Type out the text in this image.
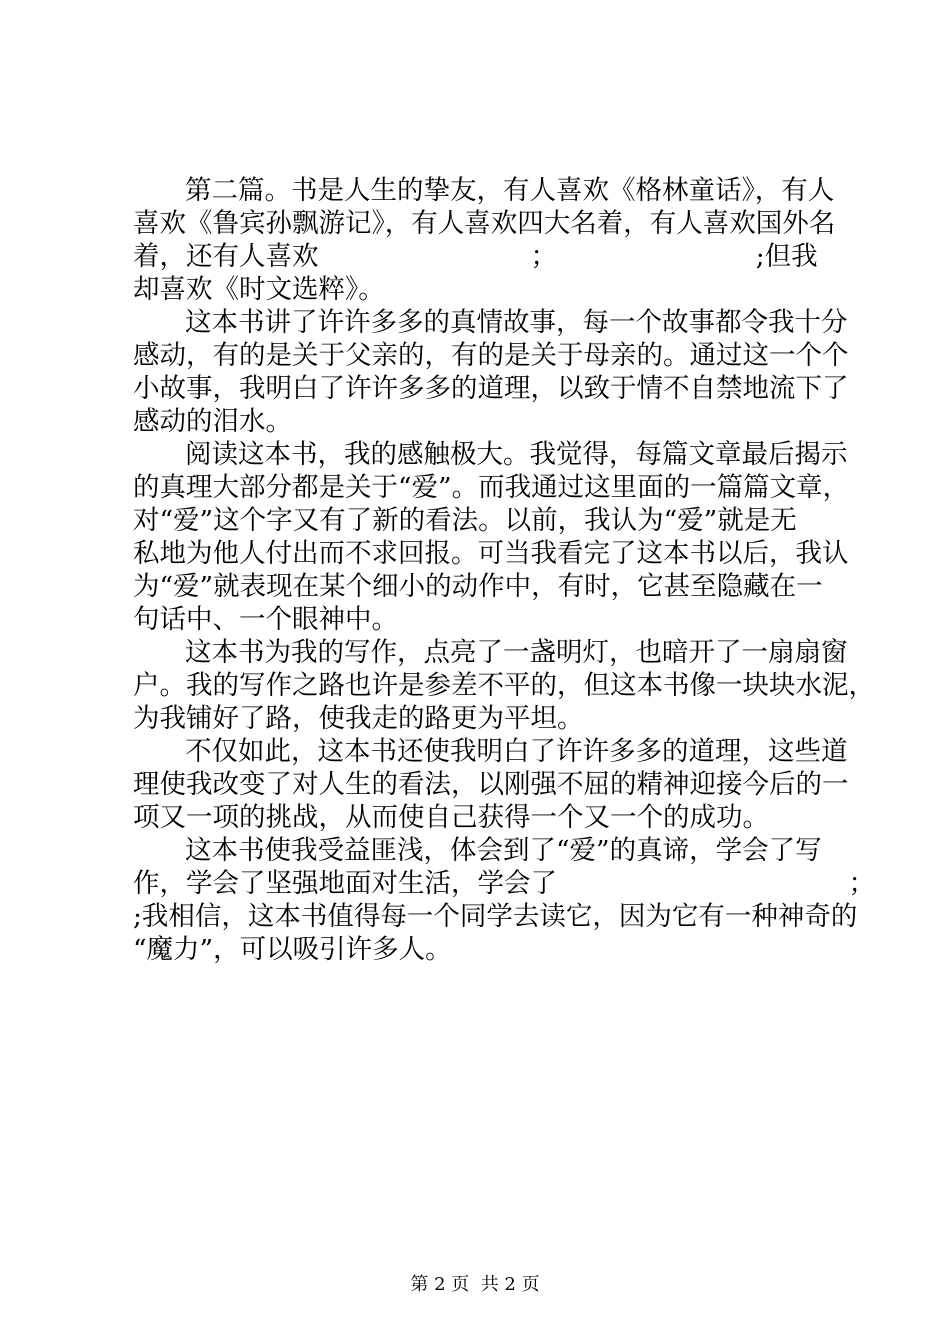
第二篇。书是人生的挚友，有人喜欢《格林童话》，有人
喜欢《鲁宾孙飘游记》，有人喜欢四大名着，有人喜欢国外名
着，还有人喜欢　　　　　　　　；　　　　　　　　;但我
却喜欢《时文选粹》。
这本书讲了许许多多的真情故事，每一个故事都令我十分
感动，有的是关于父亲的，有的是关于母亲的。通过这一个个
小故事，我明白了许许多多的道理，以致于情不自禁地流下了
感动的泪水。
阅读这本书，我的感触极大。我觉得，每篇文章最后揭示
的真理大部分都是关于“爱”。而我通过这里面的一篇篇文章，
对“爱”这个字又有了新的看法。以前，我认为“爱”就是无
私地为他人付出而不求回报。可当我看完了这本书以后，我认
为“爱”就表现在某个细小的动作中，有时，它甚至隐藏在一
句话中、一个眼神中。
这本书为我的写作，点亮了一盏明灯，也暗开了一扇扇窗
户。我的写作之路也许是参差不平的，但这本书像一块块水泥，
为我铺好了路，使我走的路更为平坦。
不仅如此，这本书还使我明白了许许多多的道理，这些道
理使我改变了对人生的看法，以刚强不屈的精神迎接今后的一
项又一项的挑战，从而使自己获得一个又一个的成功。
这本书使我受益匪浅，体会到了“爱”的真谛，学会了写
作，学会了坚强地面对生活，学会了　　　　　　　　　　　；
;我相信，这本书值得每一个同学去读它，因为它有一种神奇的
“魔力”，可以吸引许多人。
第 2 页  共 2 页
